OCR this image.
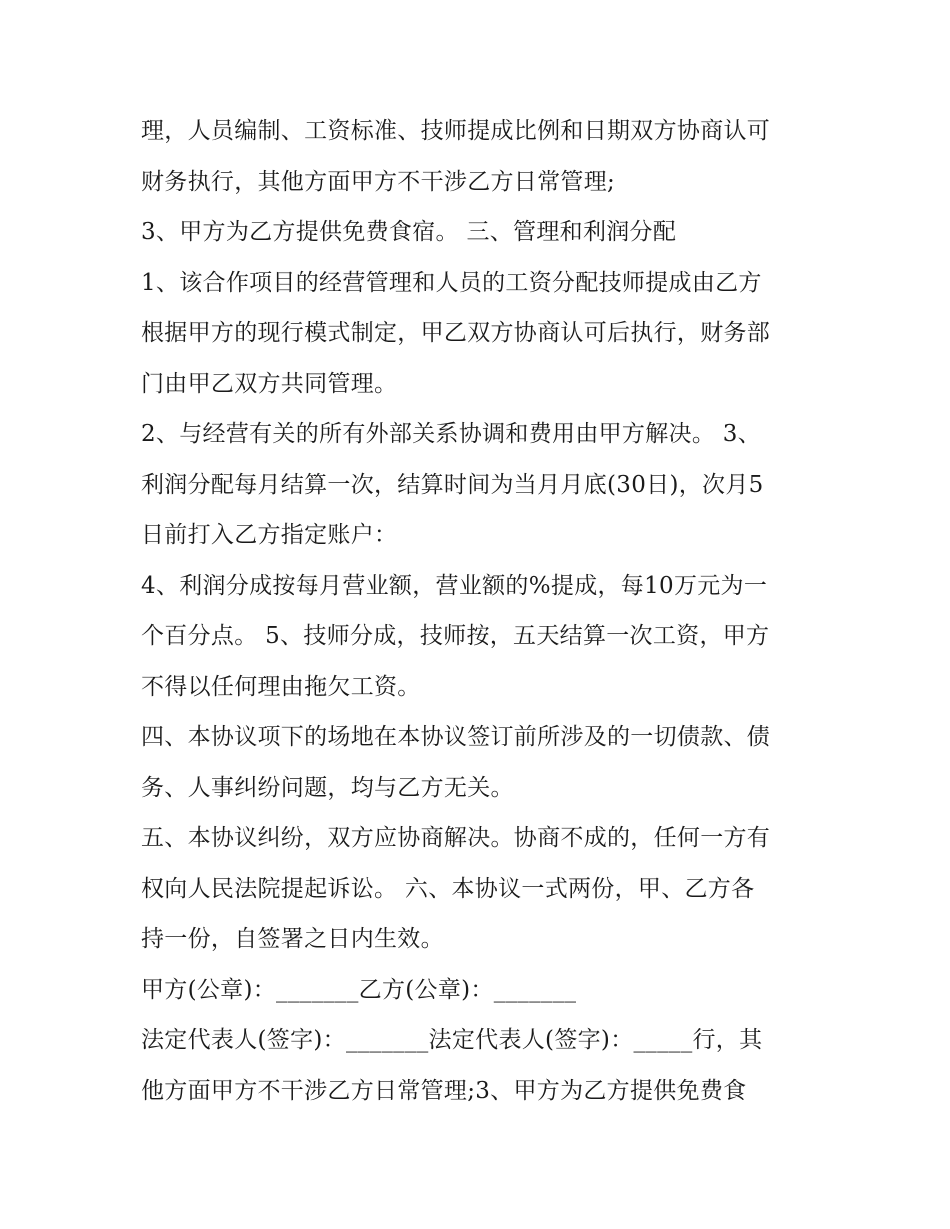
理，人员编制、工资标准、技师提成比例和日期双方协商认可
财务执行，其他方面甲方不干涉乙方日常管理;
3、甲方为乙方提供免费食宿。 三、管理和利润分配
1、该合作项目的经营管理和人员的工资分配技师提成由乙方
根据甲方的现行模式制定，甲乙双方协商认可后执行，财务部
门由甲乙双方共同管理。
2、与经营有关的所有外部关系协调和费用由甲方解决。 3、
利润分配每月结算一次，结算时间为当月月底(30日)，次月5
日前打入乙方指定账户：
4、利润分成按每月营业额，营业额的%提成，每10万元为一
个百分点。 5、技师分成，技师按，五天结算一次工资，甲方
不得以任何理由拖欠工资。
四、本协议项下的场地在本协议签订前所涉及的一切债款、债
务、人事纠纷问题，均与乙方无关。
五、本协议纠纷，双方应协商解决。协商不成的，任何一方有
权向人民法院提起诉讼。 六、本协议一式两份，甲、乙方各
持一份，自签署之日内生效。
甲方(公章)：_______乙方(公章)：_______
法定代表人(签字)：_______法定代表人(签字)：_____行，其
他方面甲方不干涉乙方日常管理;3、甲方为乙方提供免费食
